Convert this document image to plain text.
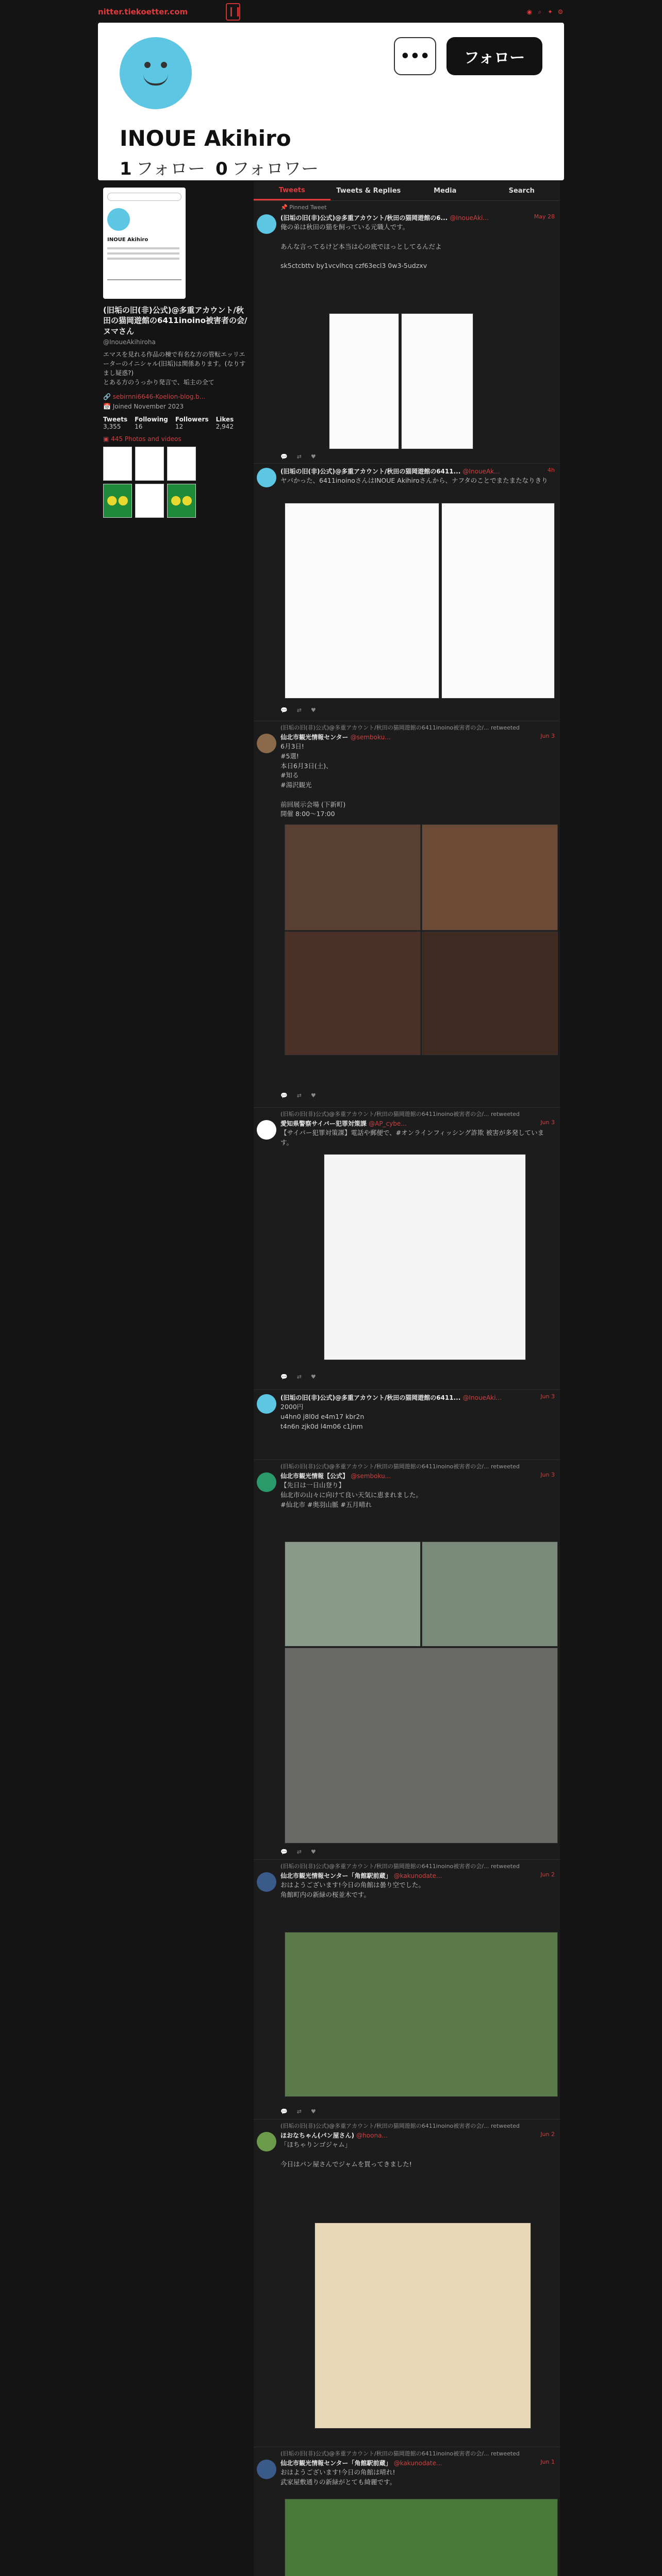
nitter.tiekoetter.com	◉ ⌕ ✦ ⚙
•••	フォロー
INOUE Akihiro
1 フォロー 0 フォロワー
INOUE Akihiro
(旧垢の旧(非)公式)@多重アカウント/秋田の猫岡遊館の6411inoino被害者の会/ヌマさん
@InoueAkihiroha
エマスを見れる作品の棟で有名な方の管転エッリエーターのイニシャル(旧垢)は関係あります。(なりすまし疑惑?)
とある方のうっかり発言で、垢主の全て
🔗 sebirnni6646-Koelion-blog.b...
📅 Joined November 2023
Tweets
3,355
Following
16
Followers
12
Likes
2,942
▣ 445 Photos and videos
Tweets	Tweets & Replies	Media	Search
📌 Pinned Tweet
(旧垢の旧(非)公式)@多重アカウント/秋田の猫岡遊館の6... @InoueAki...	May 28
俺の弟は秋田の猫を飼っている元職人です。

あんな言ってるけど本当は心の底でほっとしてるんだよ

sk5ctcbttv by1vcvlhcq czf63ecl3 0w3-5udzxv
💬 ⇄ ♥
(旧垢の旧(非)公式)@多重アカウント/秋田の猫岡遊館の6411... @InoueAk...	4h
ヤバかった、6411inoinoさんはINOUE Akihiroさんから、ナフタのことでまたまたなりきり
💬 ⇄ ♥
(旧垢の旧(非)公式)@多重アカウント/秋田の猫岡遊館の6411inoino被害者の会/... retweeted
仙北市観光情報センター @semboku...	Jun 3
6月3日!
#5選!
本日6月3日(土)、
#知る
#湯沢観光

前回展示会場 (下新町)
開催 8:00～17:00
💬 ⇄ ♥
(旧垢の旧(非)公式)@多重アカウント/秋田の猫岡遊館の6411inoino被害者の会/... retweeted
愛知県警察サイバー犯罪対策課 @AP_cybe...	Jun 3
【サイバー犯罪対策課】電話や郵便で、#オンラインフィッシング詐欺 被害が多発しています。
💬 ⇄ ♥
(旧垢の旧(非)公式)@多重アカウント/秋田の猫岡遊館の6411... @InoueAki...	Jun 3
2000円
u4hn0 j8l0d e4m17 kbr2n
t4n6n zjk0d l4m06 c1jnm
(旧垢の旧(非)公式)@多重アカウント/秋田の猫岡遊館の6411inoino被害者の会/... retweeted
仙北市観光情報【公式】 @semboku...	Jun 3
【先日は一日山登り】
仙北市の山々に向けて良い天気に恵まれました。
#仙北市 #奥羽山脈 #五月晴れ
💬 ⇄ ♥
(旧垢の旧(非)公式)@多重アカウント/秋田の猫岡遊館の6411inoino被害者の会/... retweeted
仙北市観光情報センター「角館駅前蔵」 @kakunodate...	Jun 2
おはようございます!今日の角館は曇り空でした。
角館町内の新緑の桜並木です。
💬 ⇄ ♥
(旧垢の旧(非)公式)@多重アカウント/秋田の猫岡遊館の6411inoino被害者の会/... retweeted
ほおなちゃん(パン屋さん) @hoona...	Jun 2
「ほちゃりンゴジャム」

今日はパン屋さんでジャムを買ってきました!
(旧垢の旧(非)公式)@多重アカウント/秋田の猫岡遊館の6411inoino被害者の会/... retweeted
仙北市観光情報センター「角館駅前蔵」 @kakunodate...	Jun 1
おはようございます!今日の角館は晴れ!
武家屋敷通りの新緑がとても綺麗です。
